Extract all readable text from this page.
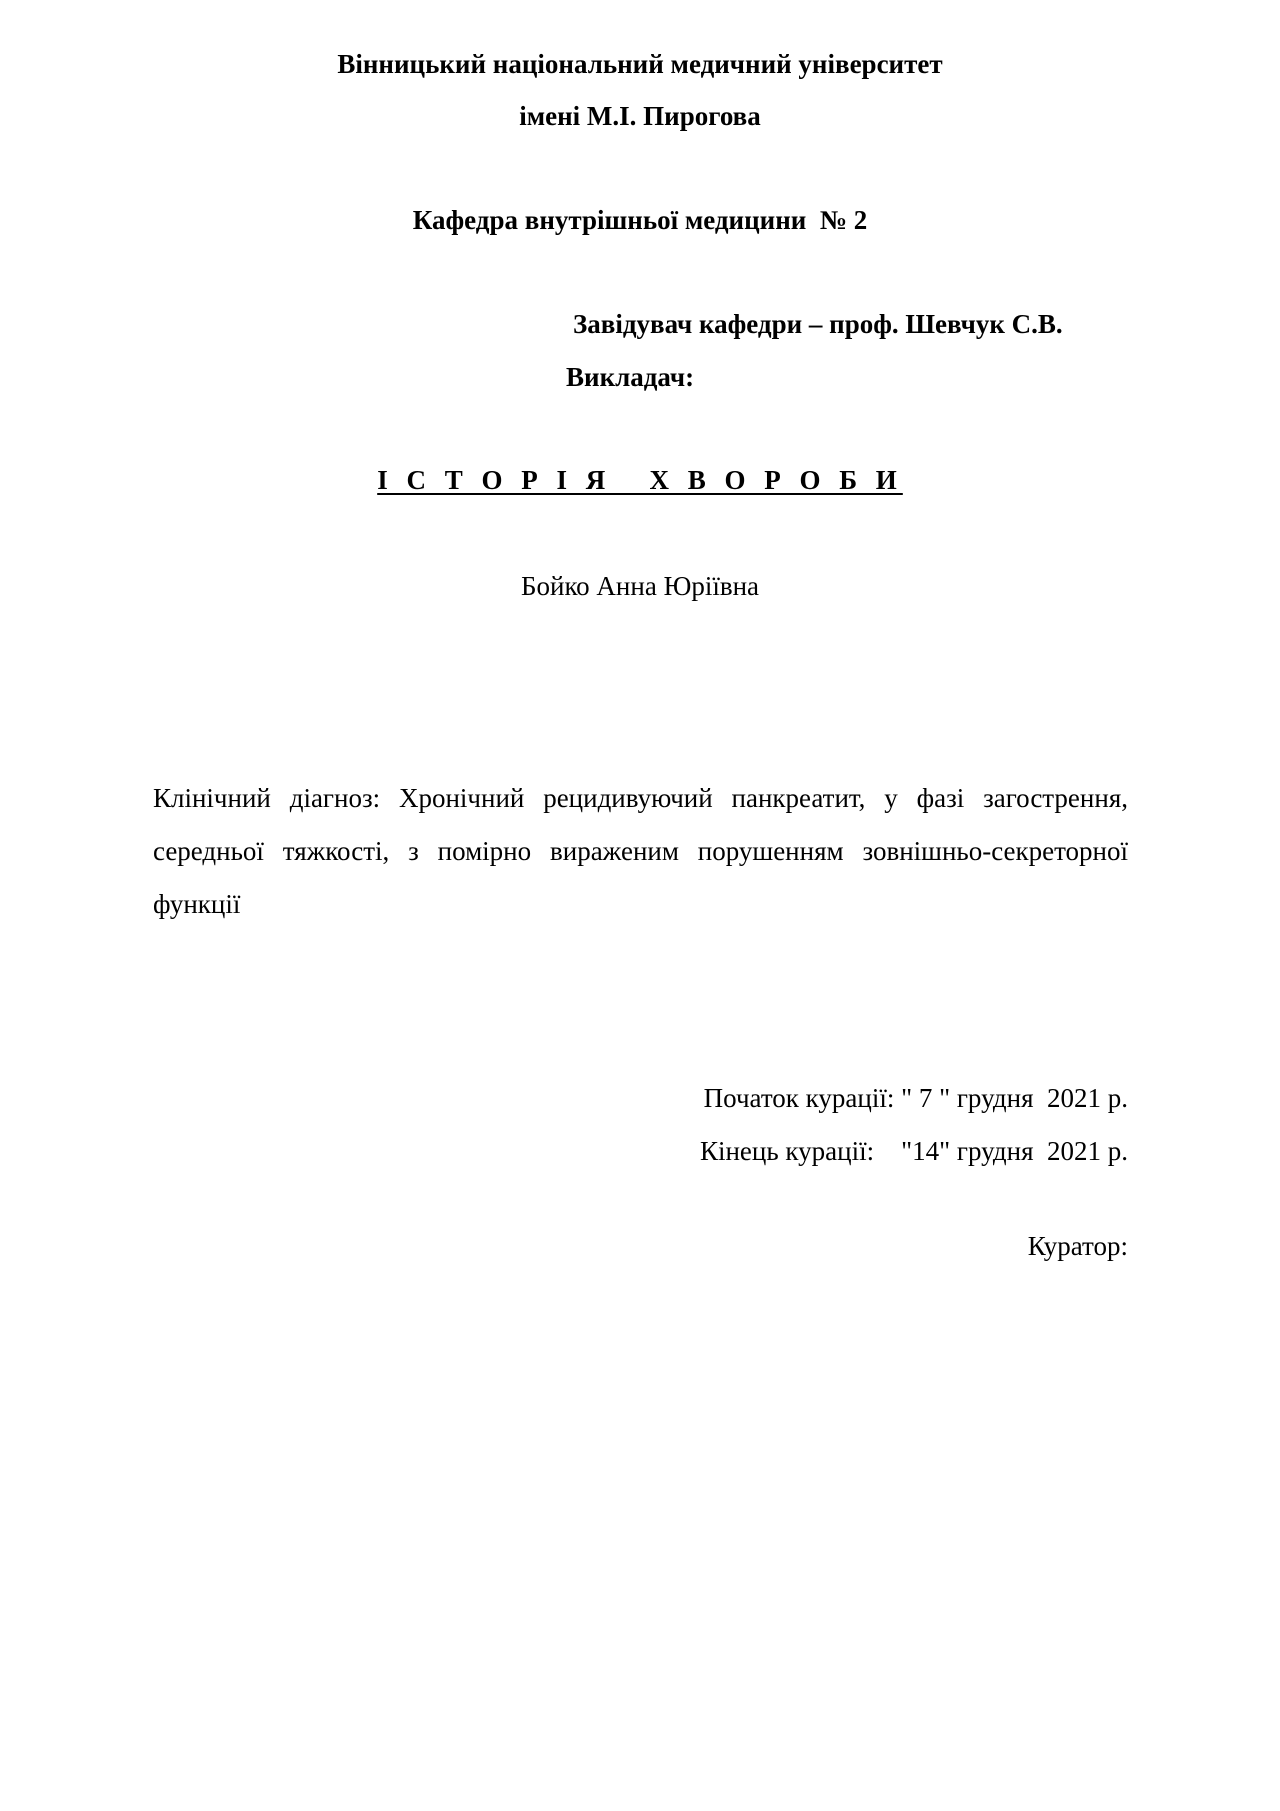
Вінницький національний медичний університет
імені М.І. Пирогова
Кафедра внутрішньої медицини  № 2
Завідувач кафедри – проф. Шевчук С.В.
Викладач:
І С Т О Р І Я   Х В О Р О Б И
Бойко Анна Юріївна
Клінічний діагноз: Хронічний рецидивуючий панкреатит, у фазі загострення, середньої тяжкості, з помірно вираженим порушенням зовнішньо-секреторної функції
Початок курації: " 7 " грудня  2021 р.
Кінець курації:    "14" грудня  2021 р.
Куратор:
